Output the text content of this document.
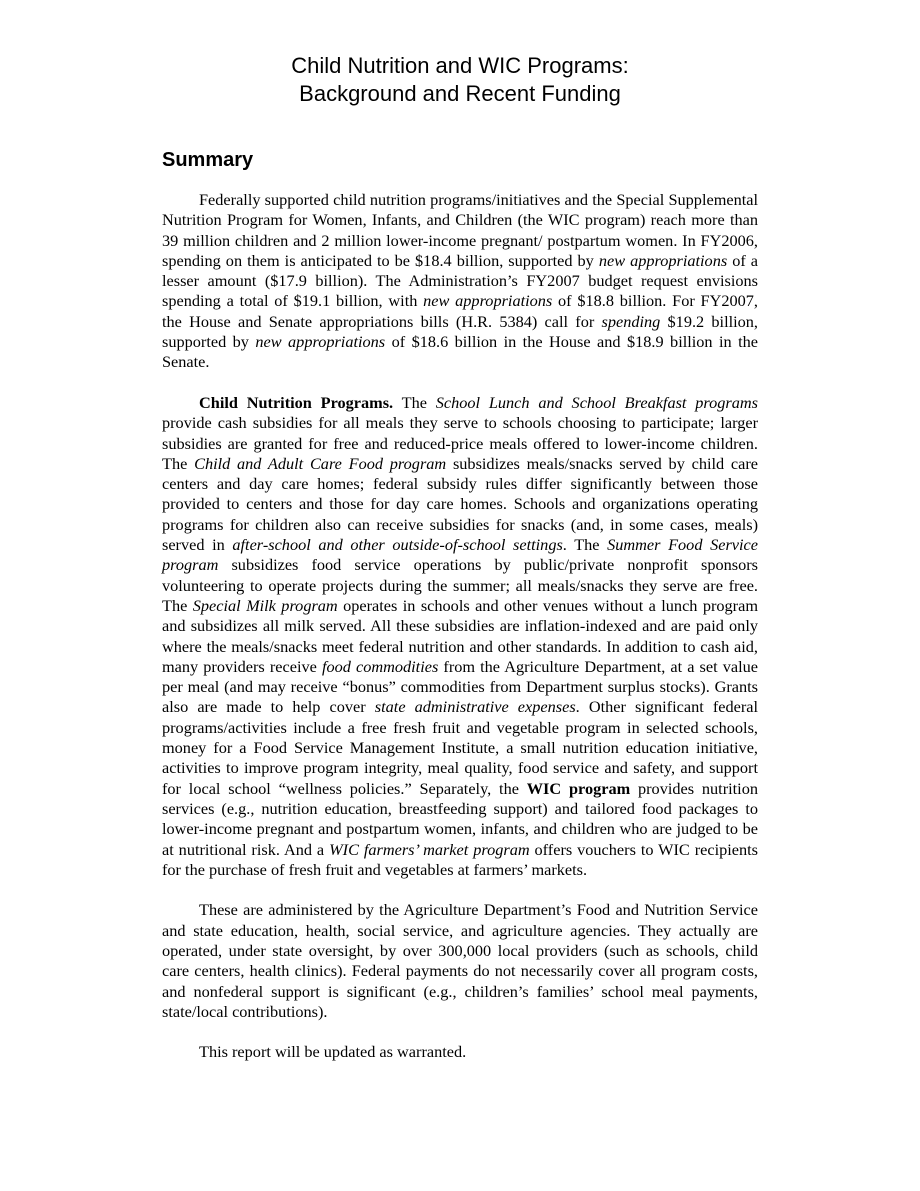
Child Nutrition and WIC Programs:
Background and Recent Funding
Summary

Federally supported child nutrition programs/initiatives and the Special Supplemental Nutrition Program for Women, Infants, and Children (the WIC program) reach more than 39 million children and 2 million lower-income pregnant/ postpartum women. In FY2006, spending on them is anticipated to be $18.4 billion, supported by new appropriations of a lesser amount ($17.9 billion). The Administration’s FY2007 budget request envisions spending a total of $19.1 billion, with new appropriations of $18.8 billion. For FY2007, the House and Senate appropriations bills (H.R. 5384) call for spending $19.2 billion, supported by new appropriations of $18.6 billion in the House and $18.9 billion in the Senate.

Child Nutrition Programs. The School Lunch and School Breakfast programs provide cash subsidies for all meals they serve to schools choosing to participate; larger subsidies are granted for free and reduced-price meals offered to lower-income children. The Child and Adult Care Food program subsidizes meals/snacks served by child care centers and day care homes; federal subsidy rules differ significantly between those provided to centers and those for day care homes. Schools and organizations operating programs for children also can receive subsidies for snacks (and, in some cases, meals) served in after-school and other outside-of-school settings. The Summer Food Service program subsidizes food service operations by public/private nonprofit sponsors volunteering to operate projects during the summer; all meals/snacks they serve are free. The Special Milk program operates in schools and other venues without a lunch program and subsidizes all milk served. All these subsidies are inflation-indexed and are paid only where the meals/snacks meet federal nutrition and other standards. In addition to cash aid, many providers receive food commodities from the Agriculture Department, at a set value per meal (and may receive “bonus” commodities from Department surplus stocks). Grants also are made to help cover state administrative expenses. Other significant federal programs/activities include a free fresh fruit and vegetable program in selected schools, money for a Food Service Management Institute, a small nutrition education initiative, activities to improve program integrity, meal quality, food service and safety, and support for local school “wellness policies.” Separately, the WIC program provides nutrition services (e.g., nutrition education, breastfeeding support) and tailored food packages to lower-income pregnant and postpartum women, infants, and children who are judged to be at nutritional risk. And a WIC farmers’ market program offers vouchers to WIC recipients for the purchase of fresh fruit and vegetables at farmers’ markets.

These are administered by the Agriculture Department’s Food and Nutrition Service and state education, health, social service, and agriculture agencies. They actually are operated, under state oversight, by over 300,000 local providers (such as schools, child care centers, health clinics). Federal payments do not necessarily cover all program costs, and nonfederal support is significant (e.g., children’s families’ school meal payments, state/local contributions).

This report will be updated as warranted.
